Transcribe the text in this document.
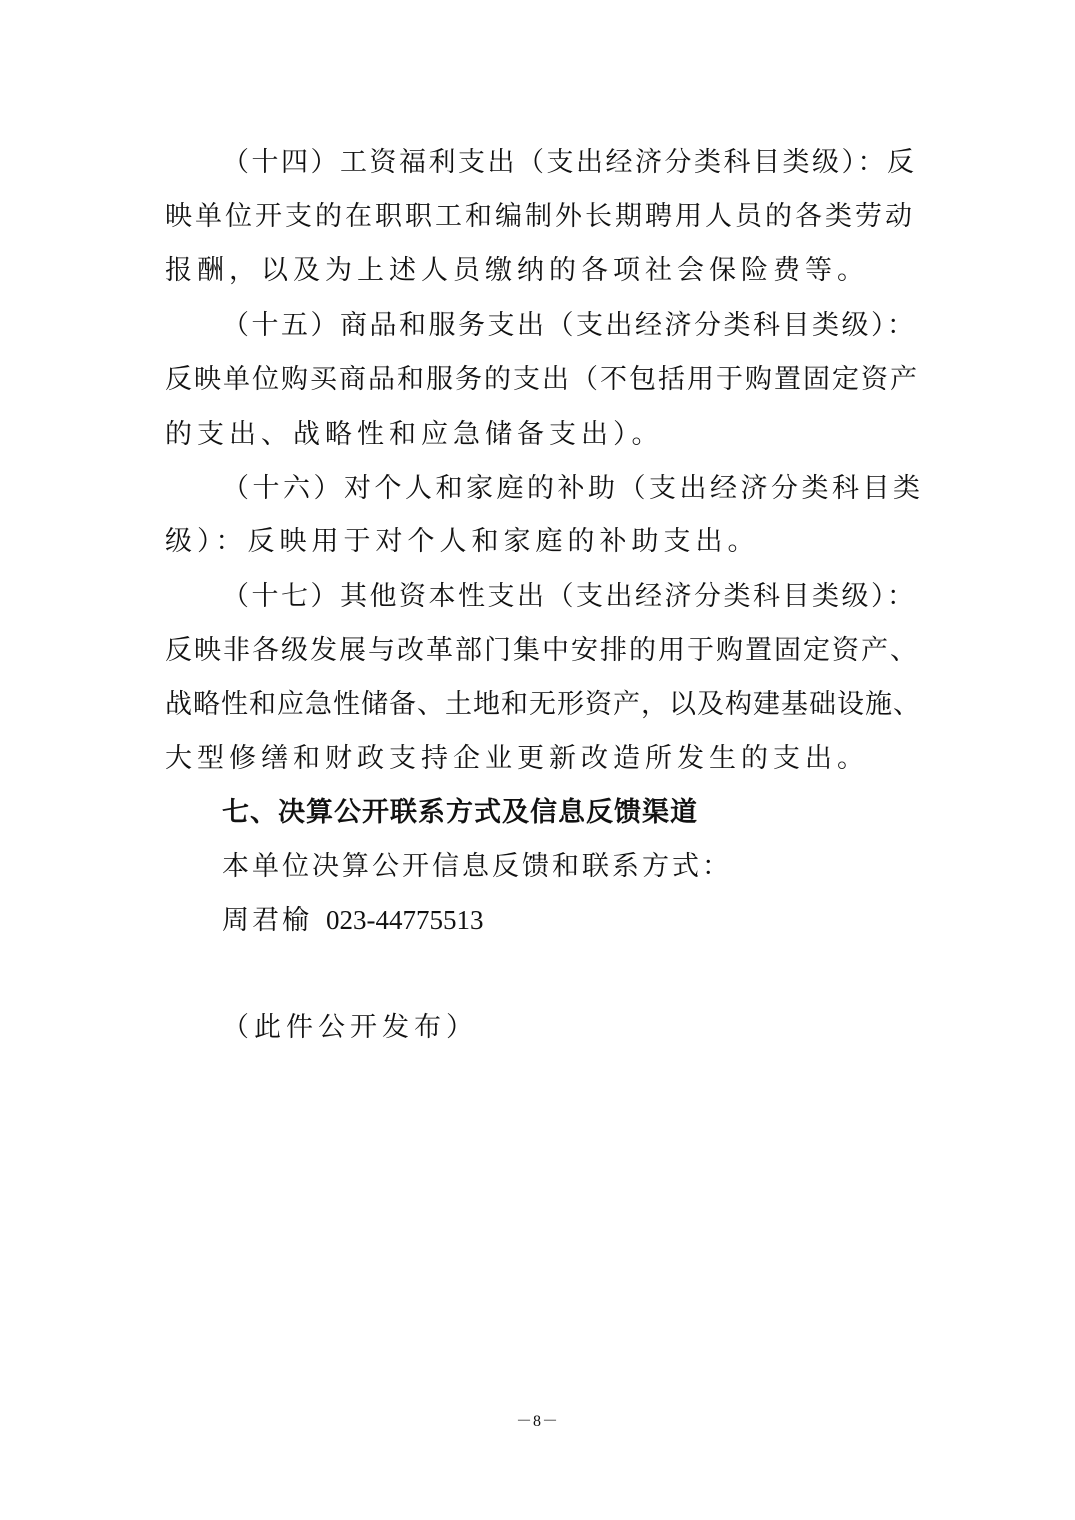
（十四）工资福利支出（支出经济分类科目类级）：反
映单位开支的在职职工和编制外长期聘用人员的各类劳动
报酬，以及为上述人员缴纳的各项社会保险费等。
（十五）商品和服务支出（支出经济分类科目类级）：
反映单位购买商品和服务的支出（不包括用于购置固定资产
的支出、战略性和应急储备支出）。
（十六）对个人和家庭的补助（支出经济分类科目类
级）：反映用于对个人和家庭的补助支出。
（十七）其他资本性支出（支出经济分类科目类级）：
反映非各级发展与改革部门集中安排的用于购置固定资产、
战略性和应急性储备、土地和无形资产，以及构建基础设施、
大型修缮和财政支持企业更新改造所发生的支出。
七、决算公开联系方式及信息反馈渠道
本单位决算公开信息反馈和联系方式：
周君榆 023-44775513
（此件公开发布）
－8－
